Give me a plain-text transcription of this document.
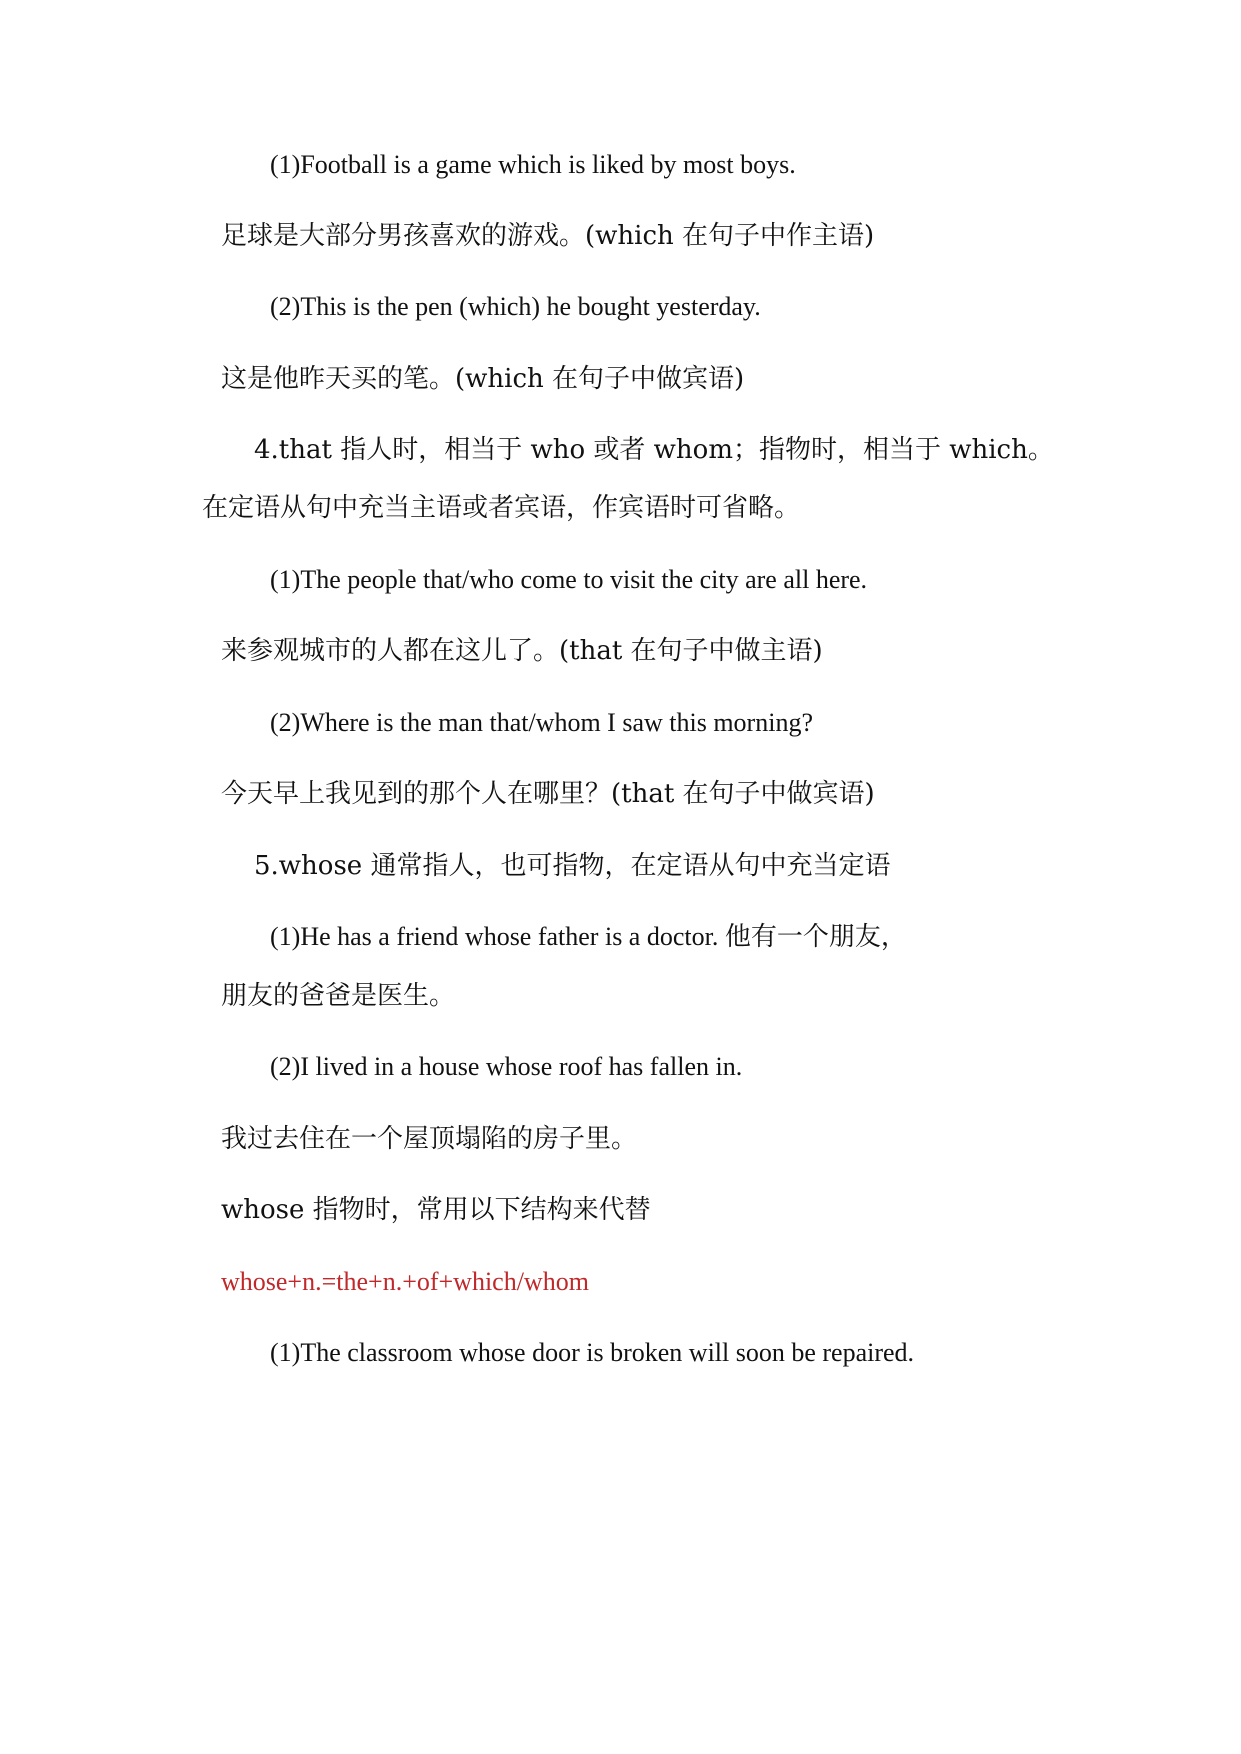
(1)Football is a game which is liked by most boys.
足球是大部分男孩喜欢的游戏。(which 在句子中作主语)
(2)This is the pen (which) he bought yesterday.
这是他昨天买的笔。(which 在句子中做宾语)
4.that 指人时，相当于 who 或者 whom；指物时，相当于 which。
在定语从句中充当主语或者宾语，作宾语时可省略。
(1)The people that/who come to visit the city are all here.
来参观城市的人都在这儿了。(that 在句子中做主语)
(2)Where is the man that/whom I saw this morning?
今天早上我见到的那个人在哪里？(that 在句子中做宾语)
5.whose 通常指人，也可指物，在定语从句中充当定语
(1)He has a friend whose father is a doctor. 他有一个朋友，
朋友的爸爸是医生。
(2)I lived in a house whose roof has fallen in.
我过去住在一个屋顶塌陷的房子里。
whose 指物时，常用以下结构来代替
whose+n.=the+n.+of+which/whom
(1)The classroom whose door is broken will soon be repaired.
